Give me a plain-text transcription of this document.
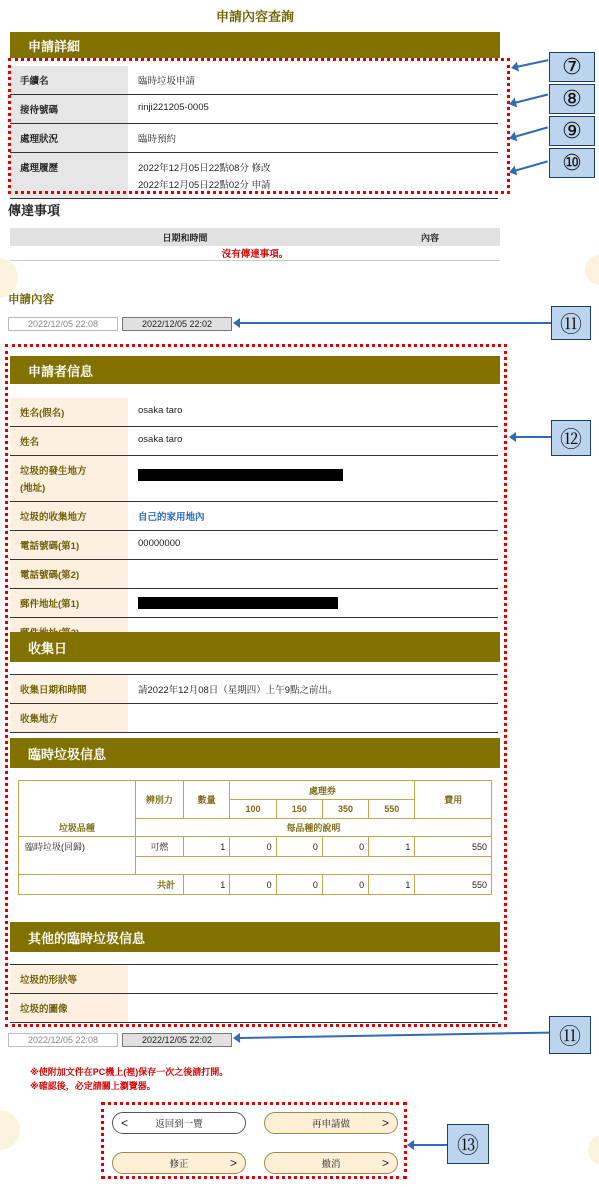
申請內容查詢
申請詳細
手續名	臨時垃圾申請
接待號碼	rinji221205-0005
處理狀況	臨時預約
處理履歷	2022年12月05日22點08分 修改
2022年12月05日22點02分 申請
⑦
⑧
⑨
⑩
傳達事項
日期和時間	內容
沒有傳達事項。
申請內容
2022/12/05 22:08	2022/12/05 22:02	⑪
⑫
申請者信息
姓名(假名)	osaka taro
姓名	osaka taro

垃圾的發生地方
(地址)	

垃圾的收集地方	自己的家用地內
電話號碼(第1)	00000000
電話號碼(第2)	
郵件地址(第1)	

收集日
收集日期和時間	請2022年12月08日（星期四）上午9點之前出。
收集地方	
臨時垃圾信息
	辨別力	數量	處理券				費用
			100	150	350	550	
垃圾品種	每品種的說明						
臨時垃圾(回歸)	可燃	1	0	0	0	1	550

共計		1	0	0	0	1	550
其他的臨時垃圾信息
垃圾的形狀等	
垃圾的圖像	
2022/12/05 22:08	2022/12/05 22:02	⑪
※使附加文件在PC機上(裡)保存一次之後請打開。
※確認後，必定請關上瀏覽器。
<	返回到一覽	再申請做	>
修正	>	撤消	>
⑬
